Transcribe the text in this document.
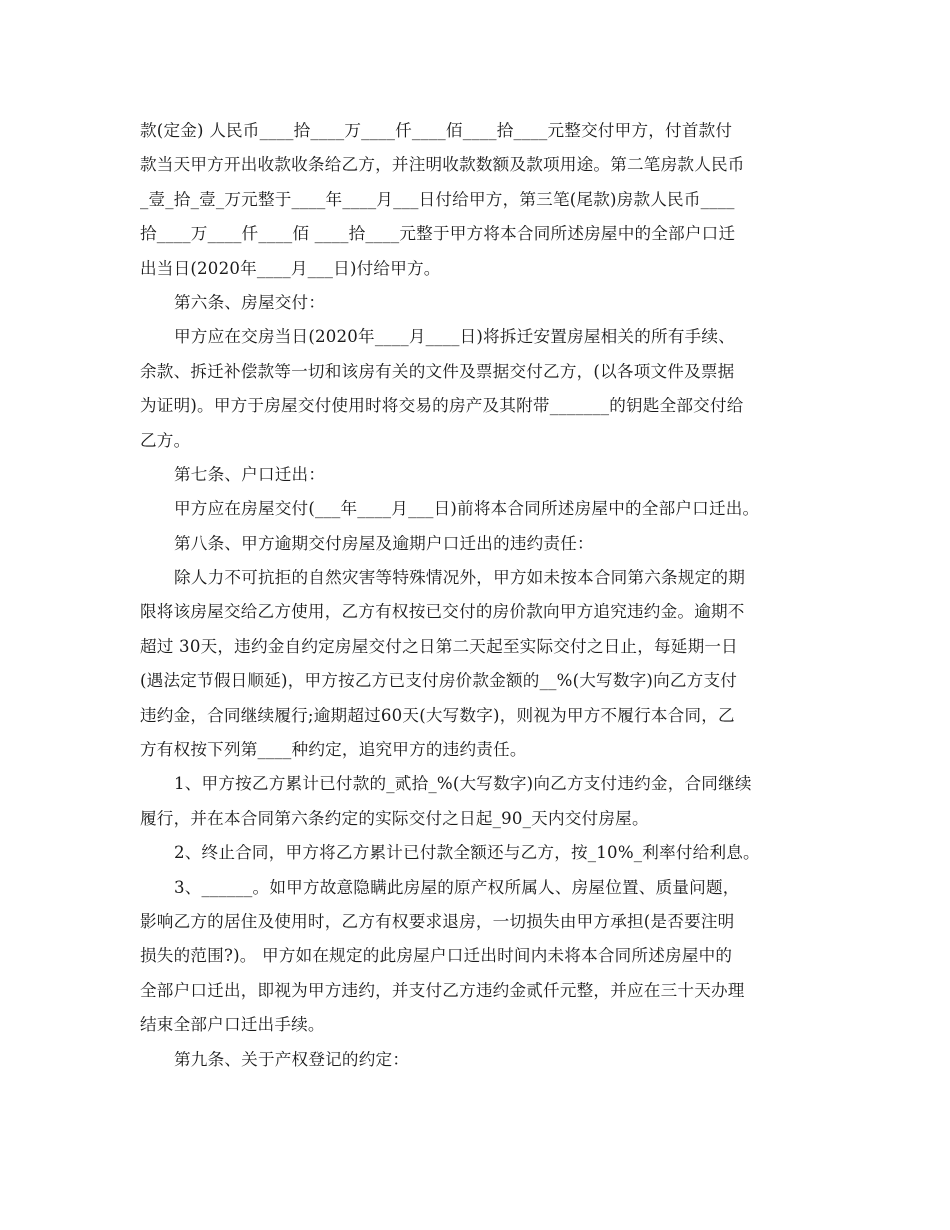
款(定金) 人民币____拾____万____仟____佰____拾____元整交付甲方，付首款付
款当天甲方开出收款收条给乙方，并注明收款数额及款项用途。第二笔房款人民币
_壹_拾_壹_万元整于____年____月___日付给甲方，第三笔(尾款)房款人民币____
拾____万____仟____佰 ____拾____元整于甲方将本合同所述房屋中的全部户口迁
出当日(2020年____月___日)付给甲方。
第六条、房屋交付：
甲方应在交房当日(2020年____月____日)将拆迁安置房屋相关的所有手续、
余款、拆迁补偿款等一切和该房有关的文件及票据交付乙方，(以各项文件及票据
为证明)。甲方于房屋交付使用时将交易的房产及其附带_______的钥匙全部交付给
乙方。
第七条、户口迁出：
甲方应在房屋交付(___年____月___日)前将本合同所述房屋中的全部户口迁出。
第八条、甲方逾期交付房屋及逾期户口迁出的违约责任：
除人力不可抗拒的自然灾害等特殊情况外，甲方如未按本合同第六条规定的期
限将该房屋交给乙方使用，乙方有权按已交付的房价款向甲方追究违约金。逾期不
超过 30天，违约金自约定房屋交付之日第二天起至实际交付之日止，每延期一日
(遇法定节假日顺延)，甲方按乙方已支付房价款金额的__%(大写数字)向乙方支付
违约金，合同继续履行;逾期超过60天(大写数字)，则视为甲方不履行本合同，乙
方有权按下列第____种约定，追究甲方的违约责任。
1、甲方按乙方累计已付款的_贰拾_%(大写数字)向乙方支付违约金，合同继续
履行，并在本合同第六条约定的实际交付之日起_90_天内交付房屋。
2、终止合同，甲方将乙方累计已付款全额还与乙方，按_10%_利率付给利息。
3、______。如甲方故意隐瞒此房屋的原产权所属人、房屋位置、质量问题，
影响乙方的居住及使用时，乙方有权要求退房，一切损失由甲方承担(是否要注明
损失的范围?)。 甲方如在规定的此房屋户口迁出时间内未将本合同所述房屋中的
全部户口迁出，即视为甲方违约，并支付乙方违约金贰仟元整，并应在三十天办理
结束全部户口迁出手续。
第九条、关于产权登记的约定：
